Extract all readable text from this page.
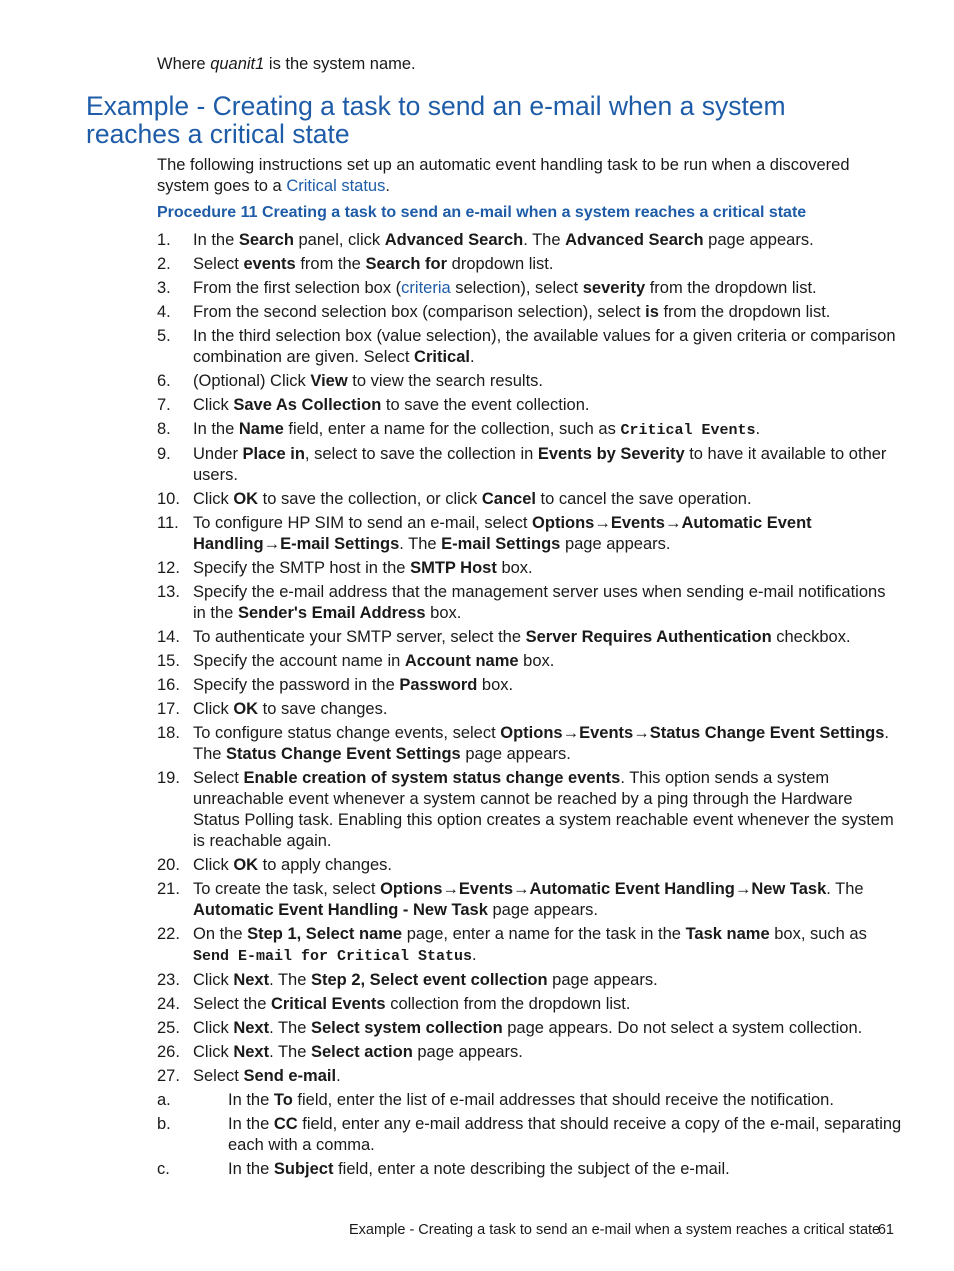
Where quanit1 is the system name.
Example - Creating a task to send an e-mail when a system reaches a critical state

The following instructions set up an automatic event handling task to be run when a discovered system goes to a Critical status.

Procedure 11 Creating a task to send an e-mail when a system reaches a critical state

1. In the Search panel, click Advanced Search. The Advanced Search page appears.
2. Select events from the Search for dropdown list.
3. From the first selection box (criteria selection), select severity from the dropdown list.
4. From the second selection box (comparison selection), select is from the dropdown list.
5. In the third selection box (value selection), the available values for a given criteria or comparison combination are given. Select Critical.
6. (Optional) Click View to view the search results.
7. Click Save As Collection to save the event collection.
8. In the Name field, enter a name for the collection, such as Critical Events.
9. Under Place in, select to save the collection in Events by Severity to have it available to other users.
10. Click OK to save the collection, or click Cancel to cancel the save operation.
11. To configure HP SIM to send an e-mail, select Options→Events→Automatic Event Handling→E-mail Settings. The E-mail Settings page appears.
12. Specify the SMTP host in the SMTP Host box.
13. Specify the e-mail address that the management server uses when sending e-mail notifications in the Sender's Email Address box.
14. To authenticate your SMTP server, select the Server Requires Authentication checkbox.
15. Specify the account name in Account name box.
16. Specify the password in the Password box.
17. Click OK to save changes.
18. To configure status change events, select Options→Events→Status Change Event Settings. The Status Change Event Settings page appears.
19. Select Enable creation of system status change events. This option sends a system unreachable event whenever a system cannot be reached by a ping through the Hardware Status Polling task. Enabling this option creates a system reachable event whenever the system is reachable again.
20. Click OK to apply changes.
21. To create the task, select Options→Events→Automatic Event Handling→New Task. The Automatic Event Handling - New Task page appears.
22. On the Step 1, Select name page, enter a name for the task in the Task name box, such as Send E-mail for Critical Status.
23. Click Next. The Step 2, Select event collection page appears.
24. Select the Critical Events collection from the dropdown list.
25. Click Next. The Select system collection page appears. Do not select a system collection.
26. Click Next. The Select action page appears.
27. Select Send e-mail.
a.	In the To field, enter the list of e-mail addresses that should receive the notification.
b.	In the CC field, enter any e-mail address that should receive a copy of the e-mail, separating each with a comma.
c.	In the Subject field, enter a note describing the subject of the e-mail.
Example - Creating a task to send an e-mail when a system reaches a critical state
61
